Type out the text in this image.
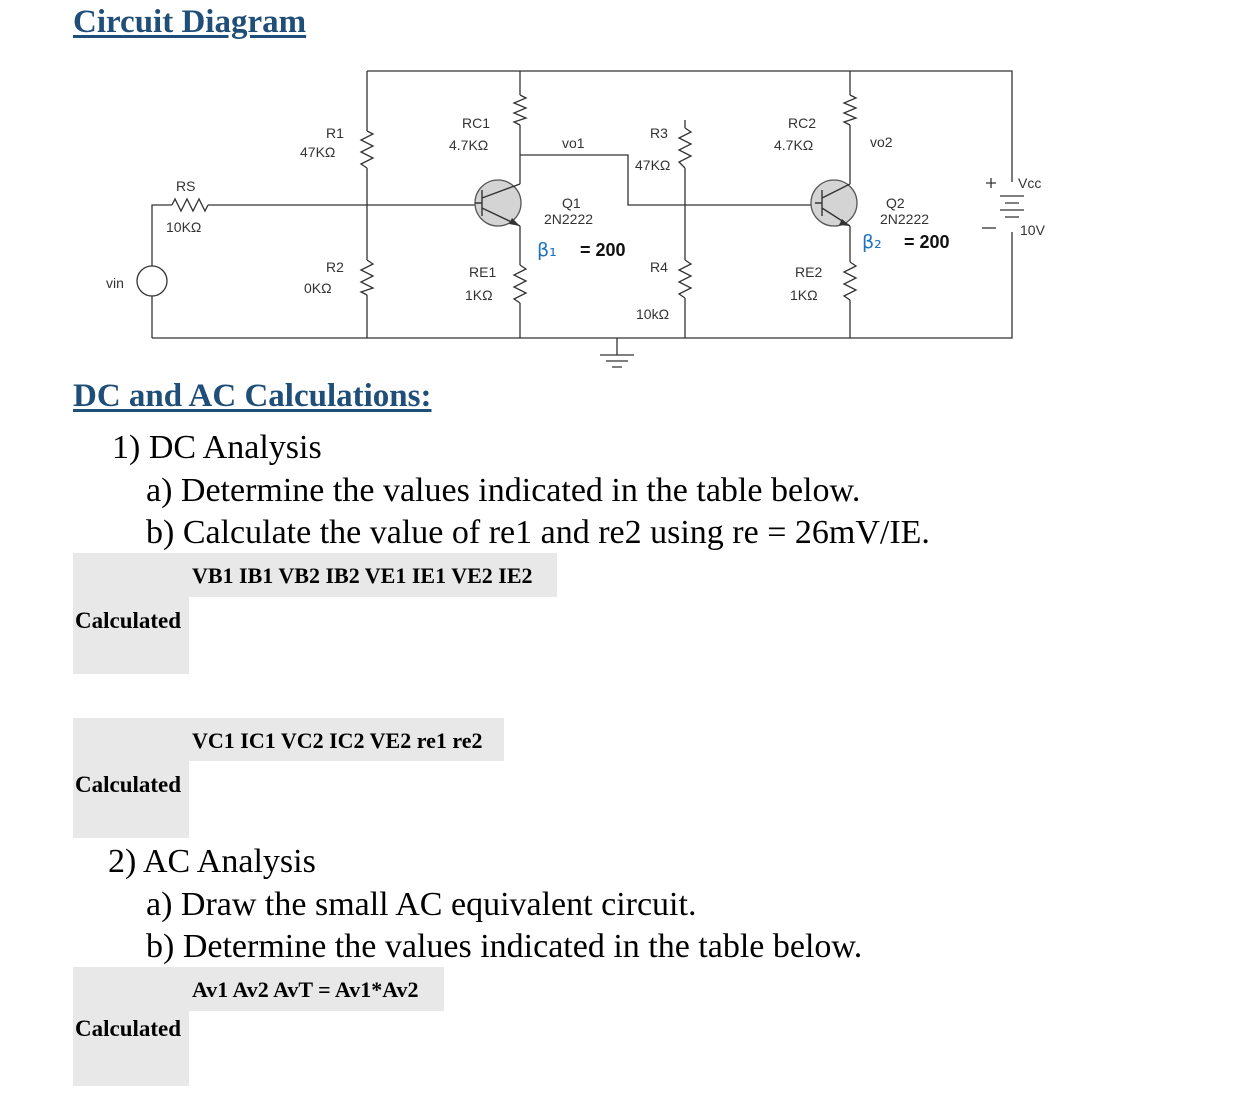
Circuit Diagram
RS
10KΩ
R1
47KΩ
R2
0KΩ
RC1
4.7KΩ	vo1
R3
47KΩ
Q1
2N2222
β₁ = 200
RE1
1KΩ
R4
10kΩ
RC2
4.7KΩ	vo2
Q2
2N2222
β₂ = 200
RE2
1KΩ
Vcc
10V
vin
DC and AC Calculations:

1) DC Analysis

a) Determine the values indicated in the table below.

b) Calculate the value of re1 and re2 using re = 26mV/IE.

VB1 IB1 VB2 IB2 VE1 IE1 VE2 IE2
Calculated
VC1 IC1 VC2 IC2 VE2 re1 re2
Calculated

2) AC Analysis

a) Draw the small AC equivalent circuit.

b) Determine the values indicated in the table below.

Av1 Av2 AvT = Av1*Av2
Calculated
